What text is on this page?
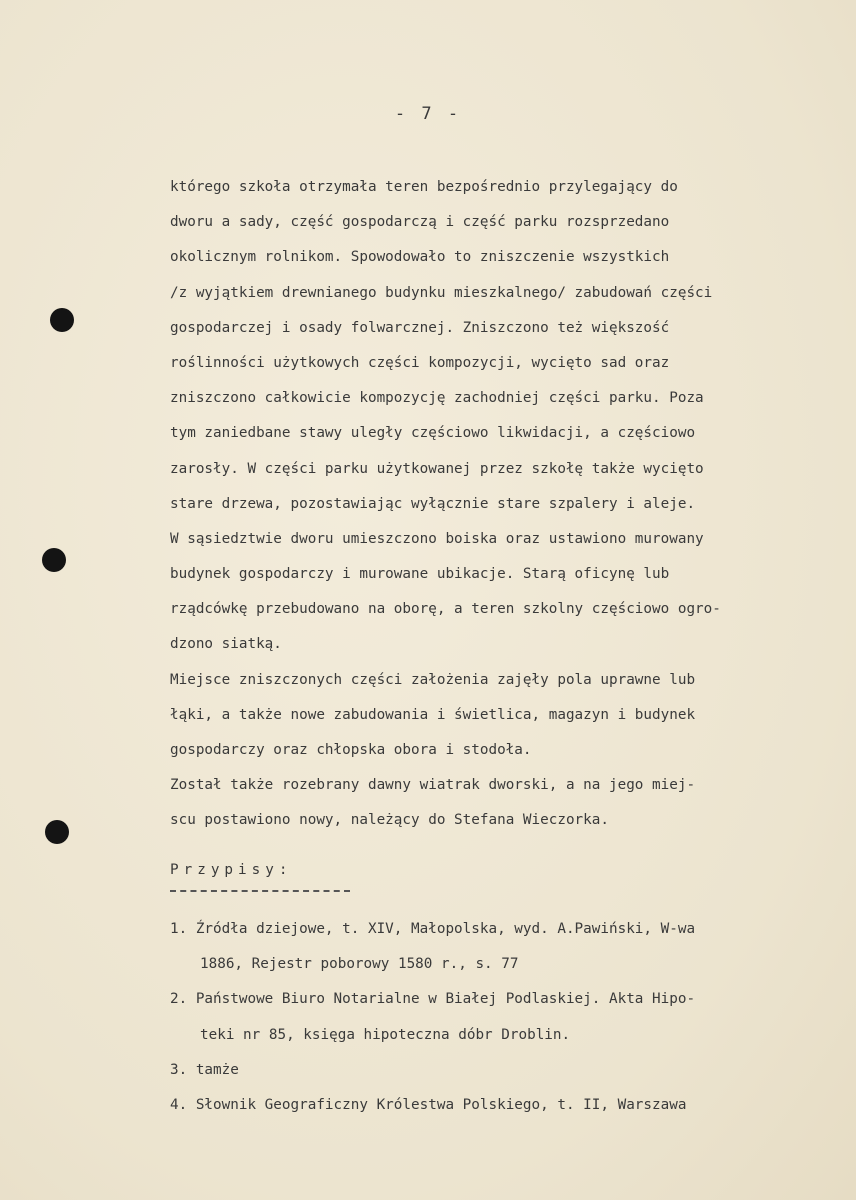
- 7 -
którego szkoła otrzymała teren bezpośrednio przylegający do
dworu a sady, część gospodarczą i część parku rozsprzedano
okolicznym rolnikom. Spowodowało to zniszczenie wszystkich
/z wyjątkiem drewnianego budynku mieszkalnego/ zabudowań części
gospodarczej i osady folwarcznej. Zniszczono też większość
roślinności użytkowych części kompozycji, wycięto sad oraz
zniszczono całkowicie kompozycję zachodniej części parku. Poza
tym zaniedbane stawy uległy częściowo likwidacji, a częściowo
zarosły. W części parku użytkowanej przez szkołę także wycięto
stare drzewa, pozostawiając wyłącznie stare szpalery i aleje.
W sąsiedztwie dworu umieszczono boiska oraz ustawiono murowany
budynek gospodarczy i murowane ubikacje. Starą oficynę lub
rządcówkę przebudowano na oborę, a teren szkolny częściowo ogro-
dzono siatką.
Miejsce zniszczonych części założenia zajęły pola uprawne lub
łąki, a także nowe zabudowania i świetlica, magazyn i budynek
gospodarczy oraz chłopska obora i stodoła.
Został także rozebrany dawny wiatrak dworski, a na jego miej-
scu postawiono nowy, należący do Stefana Wieczorka.
Przypisy:
1. Źródła dziejowe, t. XIV, Małopolska, wyd. A.Pawiński, W-wa
1886, Rejestr poborowy 1580 r., s. 77
2. Państwowe Biuro Notarialne w Białej Podlaskiej. Akta Hipo-
teki nr 85, księga hipoteczna dóbr Droblin.
3. tamże
4. Słownik Geograficzny Królestwa Polskiego, t. II, Warszawa
